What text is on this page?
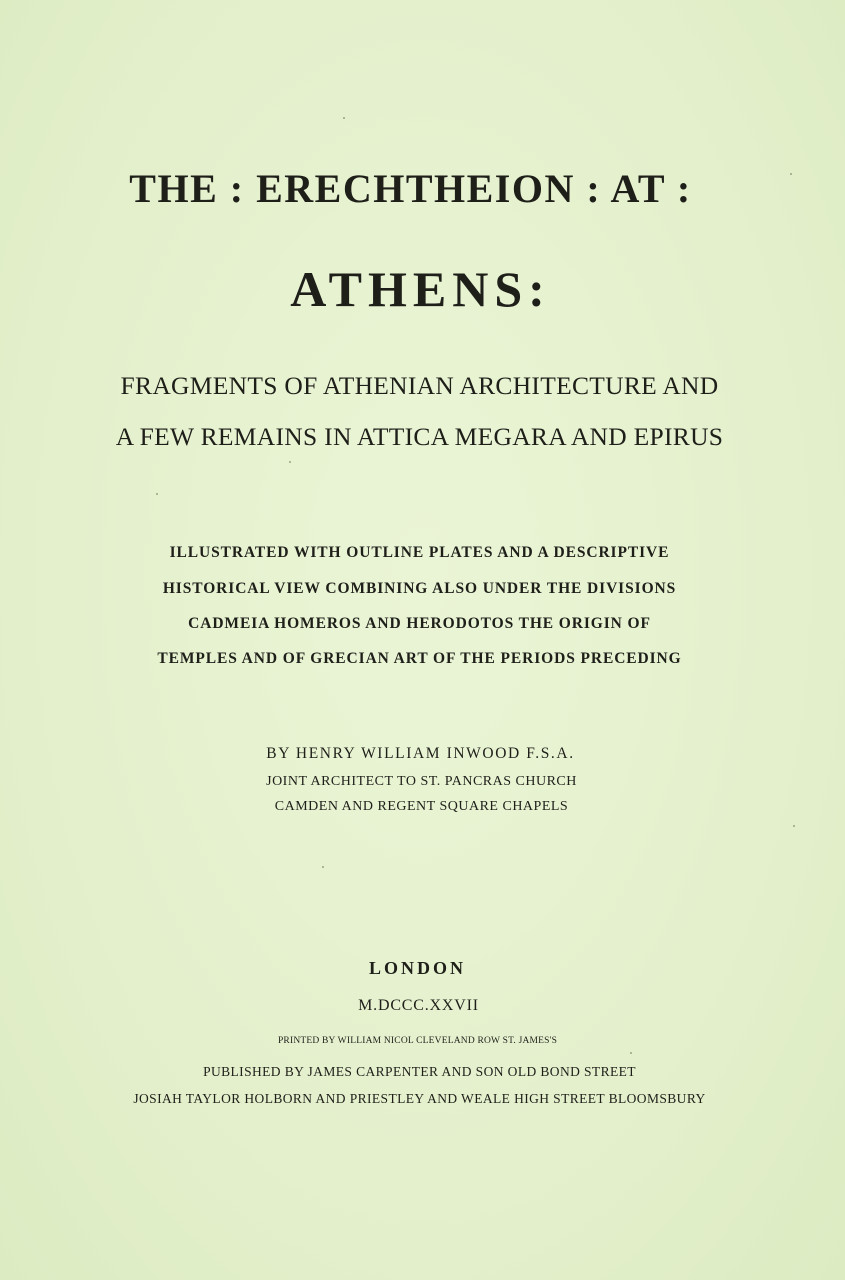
THE : ERECHTHEION : AT :
ATHENS:
FRAGMENTS OF ATHENIAN ARCHITECTURE AND
A FEW REMAINS IN ATTICA MEGARA AND EPIRUS
ILLUSTRATED WITH OUTLINE PLATES AND A DESCRIPTIVE
HISTORICAL VIEW COMBINING ALSO UNDER THE DIVISIONS
CADMEIA HOMEROS AND HERODOTOS THE ORIGIN OF
TEMPLES AND OF GRECIAN ART OF THE PERIODS PRECEDING
BY HENRY WILLIAM INWOOD F.S.A.
JOINT ARCHITECT TO ST. PANCRAS CHURCH
CAMDEN AND REGENT SQUARE CHAPELS
LONDON
M.DCCC.XXVII
PRINTED BY WILLIAM NICOL CLEVELAND ROW ST. JAMES'S
PUBLISHED BY JAMES CARPENTER AND SON OLD BOND STREET
JOSIAH TAYLOR HOLBORN AND PRIESTLEY AND WEALE HIGH STREET BLOOMSBURY
